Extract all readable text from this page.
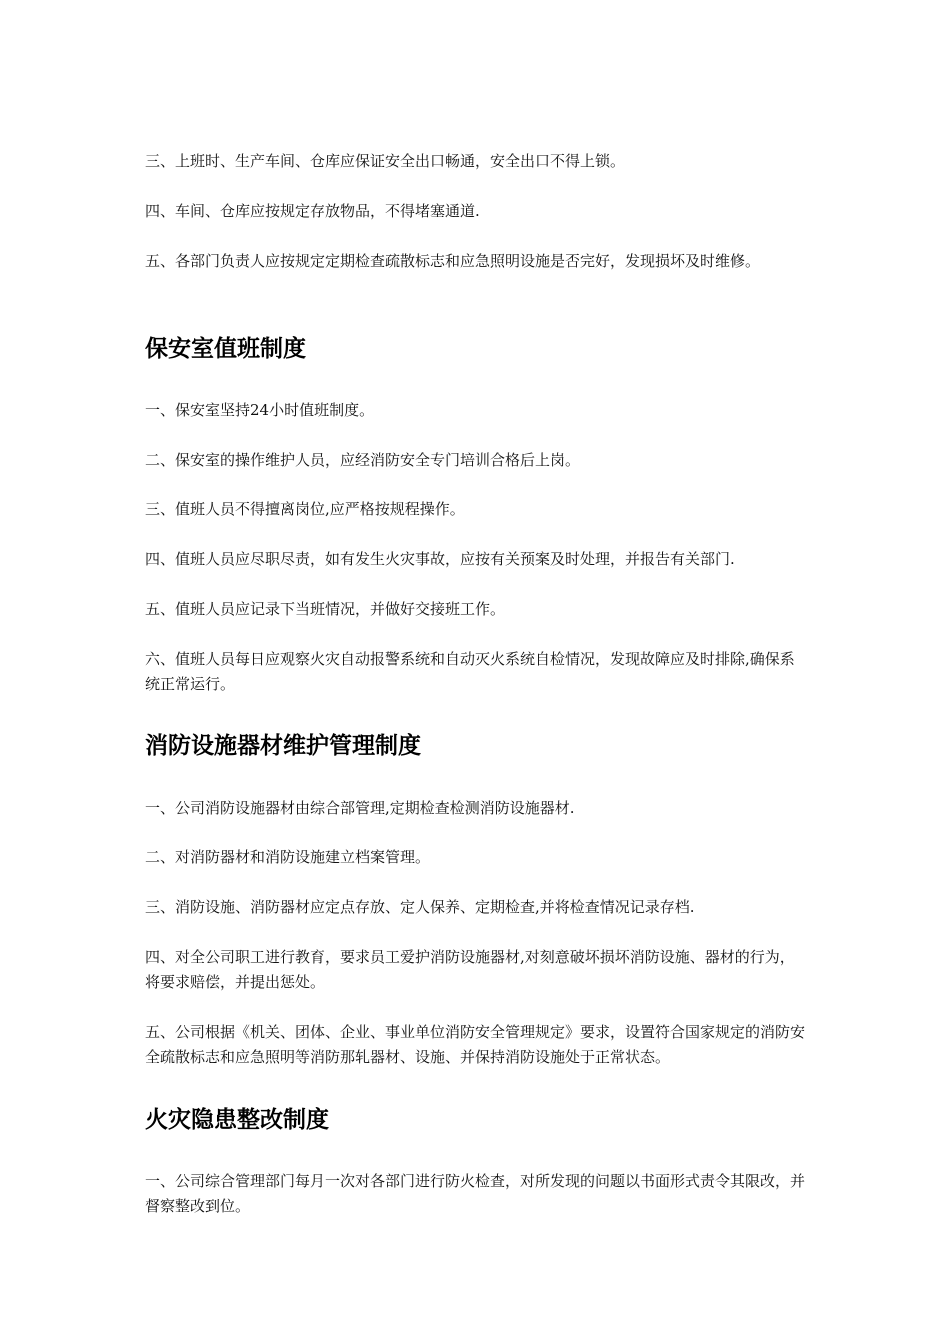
三、上班时、生产车间、仓库应保证安全出口畅通，安全出口不得上锁。

四、车间、仓库应按规定存放物品，不得堵塞通道.

五、各部门负责人应按规定定期检查疏散标志和应急照明设施是否完好，发现损坏及时维修。

保安室值班制度

一、保安室坚持24小时值班制度。

二、保安室的操作维护人员，应经消防安全专门培训合格后上岗。

三、值班人员不得擅离岗位,应严格按规程操作。

四、值班人员应尽职尽责，如有发生火灾事故，应按有关预案及时处理，并报告有关部门.

五、值班人员应记录下当班情况，并做好交接班工作。

六、值班人员每日应观察火灾自动报警系统和自动灭火系统自检情况，发现故障应及时排除,确保系统正常运行。

消防设施器材维护管理制度

一、公司消防设施器材由综合部管理,定期检查检测消防设施器材.

二、对消防器材和消防设施建立档案管理。

三、消防设施、消防器材应定点存放、定人保养、定期检查,并将检查情况记录存档.

四、对全公司职工进行教育，要求员工爱护消防设施器材,对刻意破坏损坏消防设施、器材的行为，将要求赔偿，并提出惩处。

五、公司根据《机关、团体、企业、事业单位消防安全管理规定》要求，设置符合国家规定的消防安全疏散标志和应急照明等消防那轧器材、设施、并保持消防设施处于正常状态。

火灾隐患整改制度

一、公司综合管理部门每月一次对各部门进行防火检查，对所发现的问题以书面形式责令其限改，并督察整改到位。
